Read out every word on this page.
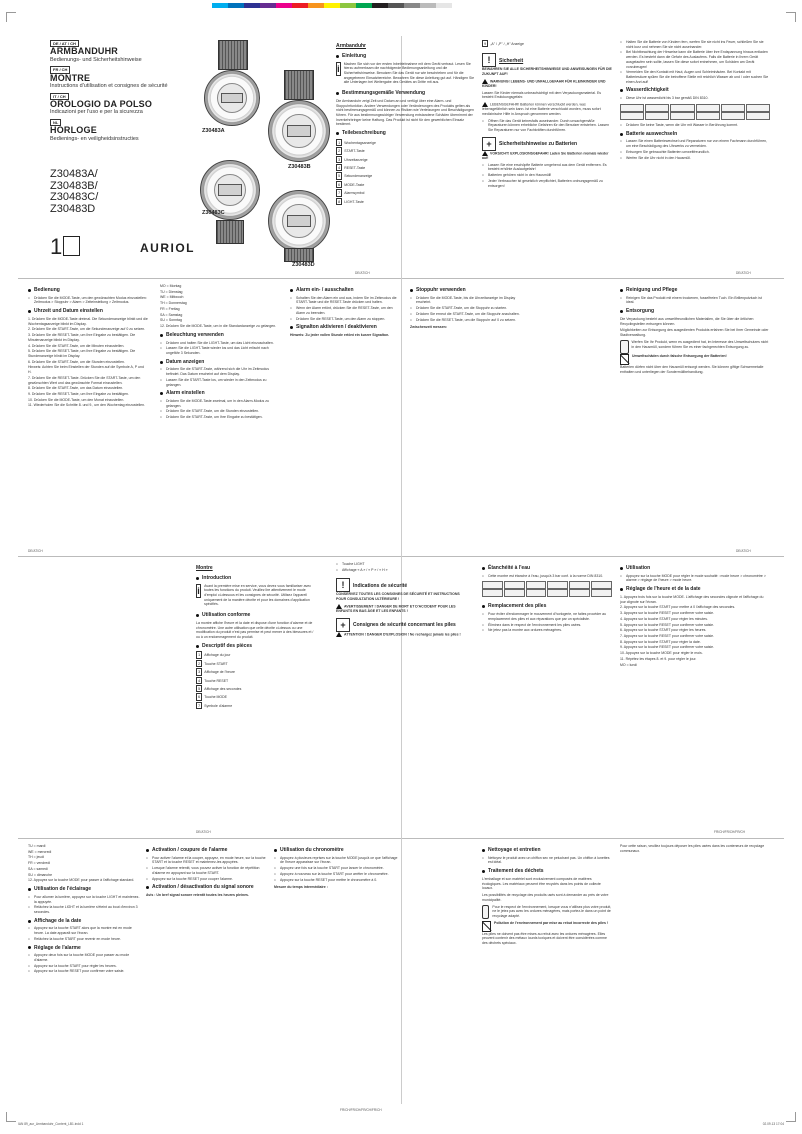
DE / AT / CH
ARMBANDUHR
Bedienungs- und Sicherheitshinweise
FR / CH
MONTRE
Instructions d'utilisation et consignes de sécurité
IT / CH
OROLOGIO DA POLSO
Indicazioni per l'uso e per la sicurezza
NL
HORLOGE
Bedienings- en veiligheidsinstructies
Z30483A/
Z30483B/
Z30483C/
Z30483D
1	AURIOL
Z30483A
Z30483B
Z30483C
Z30483D
Armbanduhr
Einleitung
i	Machen Sie sich vor der ersten Inbetriebnahme mit dem Gerät vertraut. Lesen Sie hierzu aufmerksam die nachfolgende Bedienungsanleitung und die Sicherheitshinweise. Benutzen Sie das Gerät nur wie beschrieben und für die angegebenen Einsatzbereiche. Bewahren Sie diese Anleitung gut auf. Händigen Sie alle Unterlagen bei Weitergabe des Gerätes an Dritte mit aus.
Bestimmungsgemäße Verwendung
Die Armbanduhr zeigt Zeit und Datum an und verfügt über eine Alarm- und Stoppuhrfunktion. Andere Verwendungen oder Veränderungen des Produkts gelten als nicht bestimmungsgemäß und können zu Risiken wie Verletzungen und Beschädigungen führen. Für aus bestimmungswidriger Verwendung entstandene Schäden übernimmt der Inverkehrbringer keine Haftung. Das Produkt ist nicht für den gewerblichen Einsatz bestimmt.
Teilebeschreibung
1 Wochentagsanzeige
2 START-Taste
3 Uhrzeitanzeige
4 RESET-Taste
5 Sekundenanzeige
6 MODE-Taste
7 Alarmsymbol
8 LIGHT-Taste
9 „A" / „P" / „H" Anzeige
!	Sicherheit
BEWAHREN SIE ALLE SICHERHEITSHINWEISE UND ANWEISUNGEN FÜR DIE ZUKUNFT AUF!
WARNUNG! LEBENS- UND UNFALLGEFAHR FÜR KLEINKINDER UND KINDER!
Lassen Sie Kinder niemals unbeaufsichtigt mit dem Verpackungsmaterial. Es besteht Erstickungsgefahr.
LEBENSGEFAHR! Batterien können verschluckt werden, was lebensgefährlich sein kann. Ist eine Batterie verschluckt worden, muss sofort medizinische Hilfe in Anspruch genommen werden.
□ Öffnen Sie das Gerät keinesfalls auseinander. Durch unsachgemäße Reparaturen können erhebliche Gefahren für den Benutzer entstehen. Lassen Sie Reparaturen nur von Fachkräften durchführen.
+	Sicherheitshinweise zu Batterien
VORSICHT! EXPLOSIONSGEFAHR! Laden Sie Batterien niemals wieder auf!
□ Lassen Sie eine erschöpfte Batterie umgehend aus dem Gerät entfernen. Es besteht erhöhte Auslaufgefahr!
□ Batterien gehören nicht in den Hausmüll!
□ Jeder Verbraucher ist gesetzlich verpflichtet, Batterien ordnungsgemäß zu entsorgen!
□ Halten Sie die Batterie von Kindern fern, werfen Sie sie nicht ins Feuer, schließen Sie sie nicht kurz und nehmen Sie sie nicht auseinander.
□ Bei Nichtbeachtung der Hinweise kann die Batterie über ihre Endspannung hinaus entladen werden. Es besteht dann die Gefahr des Auslaufens. Falls die Batterie in Ihrem Gerät ausgelaufen sein sollte, lassen Sie diese sofort entnehmen, um Schäden am Gerät vorzubeugen!
□ Vermeiden Sie den Kontakt mit Haut, Augen und Schleimhäuten. Bei Kontakt mit Batteriesäure spülen Sie die betroffene Stelle mit reichlich Wasser ab und / oder suchen Sie einen Arzt auf!
Wasserdichtigkeit
□ Diese Uhr ist wasserdicht bis 3 bar gemäß DIN 8310.
□ Drücken Sie keine Taste, wenn die Uhr mit Wasser in Berührung kommt.
Batterie auswechseln
□ Lassen Sie einen Batteriewechsel und Reparaturen nur von einem Fachmann durchführen, um eine Beschädigung des Uhrwerks zu vermeiden.
□ Entsorgen Sie gebrauchte Batterien umweltfreundlich.
□ Werfen Sie die Uhr nicht in den Hausmüll.
DE/AT/CH	DE/AT/CH
Bedienung
□ Drücken Sie die MODE-Taste, um den gewünschten Modus einzustellen: Zeitmodus > Stoppuhr > Alarm > Zeiteinstellung > Zeitmodus.
Uhrzeit und Datum einstellen
1. Drücken Sie die MODE-Taste dreimal. Die Sekundenanzeige blinkt und die Wochentagsanzeige blinkt im Display.
2. Drücken Sie die START-Taste, um die Sekundenanzeige auf 0 zu setzen.
3. Drücken Sie die RESET-Taste, um Ihre Eingabe zu bestätigen. Die Minutenanzeige blinkt im Display.
4. Drücken Sie die START-Taste, um die Minuten einzustellen.
5. Drücken Sie die RESET-Taste, um Ihre Eingabe zu bestätigen. Die Stundenanzeige blinkt im Display.
6. Drücken Sie die START-Taste, um die Stunden einzustellen.
Hinweis: Achten Sie beim Einstellen der Stunden auf die Symbole A, P und H.
7. Drücken Sie die RESET-Taste. Drücken Sie die START-Taste, um den gewünschten Wert und das gewünschte Format einzustellen.
8. Drücken Sie die START-Taste, um das Datum einzustellen.
9. Drücken Sie die RESET-Taste, um Ihre Eingabe zu bestätigen.
10. Drücken Sie die MODE-Taste, um den Monat einzustellen.
11. Wiederholen Sie die Schritte 8. und 9., um den Wochentag einzustellen.
MO = Montag
TU = Dienstag
WE = Mittwoch
TH = Donnerstag
FR = Freitag
SA = Samstag
SU = Sonntag
12. Drücken Sie die MODE-Taste, um in die Standardanzeige zu gelangen.
Beleuchtung verwenden
□ Drücken und halten Sie die LIGHT-Taste, um das Licht einzuschalten.
□ Lassen Sie die LIGHT-Taste wieder los und das Licht erlischt nach ungefähr 3 Sekunden.
Datum anzeigen
□ Drücken Sie die START-Taste, während sich die Uhr im Zeitmodus befindet. Das Datum erscheint auf dem Display.
□ Lassen Sie die START-Taste los, um wieder in den Zeitmodus zu gelangen.
Alarm einstellen
□ Drücken Sie die MODE-Taste zweimal, um in den Alarm-Modus zu gelangen.
□ Drücken Sie die START-Taste, um die Stunden einzustellen.
□ Drücken Sie die START-Taste, um Ihre Eingabe zu bestätigen.
Alarm ein- / ausschalten
□ Schalten Sie den Alarm ein und aus, indem Sie im Zeitmodus die START-Taste und die RESET-Taste drücken und halten.
□ Wenn der Alarm ertönt, drücken Sie die RESET-Taste, um den Alarm zu beenden.
□ Drücken Sie die RESET-Taste, um den Alarm zu stoppen.
Signalton aktivieren / deaktivieren
Hinweis: Zu jeder vollen Stunde ertönt ein kurzer Signalton.
Stoppuhr verwenden
□ Drücken Sie die MODE-Taste, bis die Uhrzeitanzeige im Display erscheint.
□ Drücken Sie die START-Taste, um die Stoppuhr zu starten.
□ Drücken Sie erneut die START-Taste, um die Stoppuhr anzuhalten.
□ Drücken Sie die RESET-Taste, um die Stoppuhr auf 0 zu setzen.
Zwischenzeit messen:
Reinigung und Pflege
□ Reinigen Sie das Produkt mit einem trockenen, fusselfreien Tuch. Ein Brillenputztuch ist ideal.
Entsorgung
Die Verpackung besteht aus umweltfreundlichen Materialien, die Sie über die örtlichen Recyclingstellen entsorgen können.
Möglichkeiten zur Entsorgung des ausgedienten Produkts erfahren Sie bei Ihrer Gemeinde oder Stadtverwaltung.
Werfen Sie Ihr Produkt, wenn es ausgedient hat, im Interesse des Umweltschutzes nicht in den Hausmüll, sondern führen Sie es einer fachgerechten Entsorgung zu.
Umweltschäden durch falsche Entsorgung der Batterien!
Batterien dürfen nicht über den Hausmüll entsorgt werden. Sie können giftige Schwermetalle enthalten und unterliegen der Sondermüllbehandlung.
DE/AT/CH	DE/AT/CH
Montre
Introduction
i	Avant la première mise en service, vous devez vous familiariser avec toutes les fonctions du produit. Veuillez lire attentivement le mode d'emploi ci-dessous et les consignes de sécurité. Utilisez l'appareil uniquement de la manière décrite et pour les domaines d'application spécifiés.
Utilisation conforme
La montre affiche l'heure et la date et dispose d'une fonction d'alarme et de chronomètre. Une autre utilisation que celle décrite ci-dessus ou une modification du produit n'est pas permise et peut mener à des blessures et / ou à un endommagement du produit.
Descriptif des pièces
1 Affichage du jour
2 Touche START
3 Affichage de l'heure
4 Touche RESET
5 Affichage des secondes
6 Touche MODE
7 Symbole d'alarme
□ Touche LIGHT
□ Affichage « A » / « P » / « H »
!	Indications de sécurité
CONSERVEZ TOUTES LES CONSIGNES DE SÉCURITÉ ET INSTRUCTIONS POUR CONSULTATION ULTÉRIEURE !
AVERTISSEMENT ! DANGER DE MORT ET D'ACCIDENT POUR LES ENFANTS EN BAS ÂGE ET LES ENFANTS !
+	Consignes de sécurité concernant les piles
ATTENTION ! DANGER D'EXPLOSION ! Ne rechargez jamais les piles !
Étanchéité à l'eau
□ Cette montre est étanche à l'eau, jusqu'à 3 bar conf. à la norme DIN 8310.
Remplacement des piles
□ Pour éviter d'endommager le mouvement d'horlogerie, ne faites procéder au remplacement des piles et aux réparations que par un spécialiste.
□ Éliminez dans le respect de l'environnement les piles usées.
□ Ne jetez pas la montre aux ordures ménagères.
Utilisation
□ Appuyez sur la touche MODE pour régler le mode souhaité : mode heure > chronomètre > alarme > réglage de l'heure > mode heure.
Réglage de l'heure et de la date
1. Appuyez trois fois sur la touche MODE. L'affichage des secondes clignote et l'affichage du jour clignote sur l'écran.
2. Appuyez sur la touche START pour mettre à 0 l'affichage des secondes.
3. Appuyez sur la touche RESET pour confirmer votre saisie.
4. Appuyez sur la touche START pour régler les minutes.
5. Appuyez sur la touche RESET pour confirmer votre saisie.
6. Appuyez sur la touche START pour régler les heures.
7. Appuyez sur la touche RESET pour confirmer votre saisie.
8. Appuyez sur la touche START pour régler la date.
9. Appuyez sur la touche RESET pour confirmer votre saisie.
10. Appuyez sur la touche MODE pour régler le mois.
11. Répétez les étapes 8. et 9. pour régler le jour.
MO = lundi
DE/AT/CH	FR/CH/FR/CH/FR/CH
TU = mardi
WE = mercredi
TH = jeudi
FR = vendredi
SA = samedi
SU = dimanche
12. Appuyez sur la touche MODE pour passer à l'affichage standard.
Utilisation de l'éclairage
□ Pour allumer la lumière, appuyez sur la touche LIGHT et maintenez-la appuyée.
□ Relâchez la touche LIGHT et la lumière s'éteint au bout d'environ 3 secondes.
Affichage de la date
□ Appuyez sur la touche START alors que la montre est en mode heure. La date apparaît sur l'écran.
□ Relâchez la touche START pour revenir en mode heure.
Réglage de l'alarme
□ Appuyez deux fois sur la touche MODE pour passer au mode d'alarme.
□ Appuyez sur la touche START pour régler les heures.
□ Appuyez sur la touche RESET pour confirmer votre saisie.
Activation / coupure de l'alarme
□ Pour activer l'alarme et la couper, appuyez, en mode heure, sur la touche START et la touche RESET et maintenez-les appuyées.
□ Lorsque l'alarme retentit, vous pouvez activer la fonction de répétition d'alarme en appuyant sur la touche START.
□ Appuyez sur la touche RESET pour couper l'alarme.
Activation / désactivation du signal sonore
Avis : Un bref signal sonore retentit toutes les heures pleines.
Utilisation du chronomètre
□ Appuyez à plusieurs reprises sur la touche MODE jusqu'à ce que l'affichage de l'heure apparaisse sur l'écran.
□ Appuyez une fois sur la touche START pour lancer le chronomètre.
□ Appuyez à nouveau sur la touche START pour arrêter le chronomètre.
□ Appuyez sur la touche RESET pour mettre le chronomètre à 0.
Mesure du temps intermédiaire :
Nettoyage et entretien
□ Nettoyez le produit avec un chiffon sec ne peluchant pas. Un chiffon à lunettes est idéal.
Traitement des déchets
L'emballage et son matériel sont exclusivement composés de matières écologiques. Les matériaux peuvent être recyclés dans les points de collecte locaux.
Les possibilités de recyclage des produits usés sont à demander au près de votre municipalité.
Pour le respect de l'environnement, lorsque vous n'utilisez plus votre produit, ne le jetez pas avec les ordures ménagères, mais portez-le dans un point de recyclage adapté.
Pollution de l'environnement par mise au rebut incorrecte des piles !
Les piles ne doivent pas être mises au rebut avec les ordures ménagères. Elles peuvent contenir des métaux lourds toxiques et doivent être considérées comme des déchets spéciaux.
Pour cette raison, veuillez toujours déposer les piles usées dans les conteneurs de recyclage communaux.
FR/CH/FR/CH/FR/CH/FR/CH
IAN 89_aur_Armbanduhr_Content_LB1.indd 1	02.09.13 17:04
